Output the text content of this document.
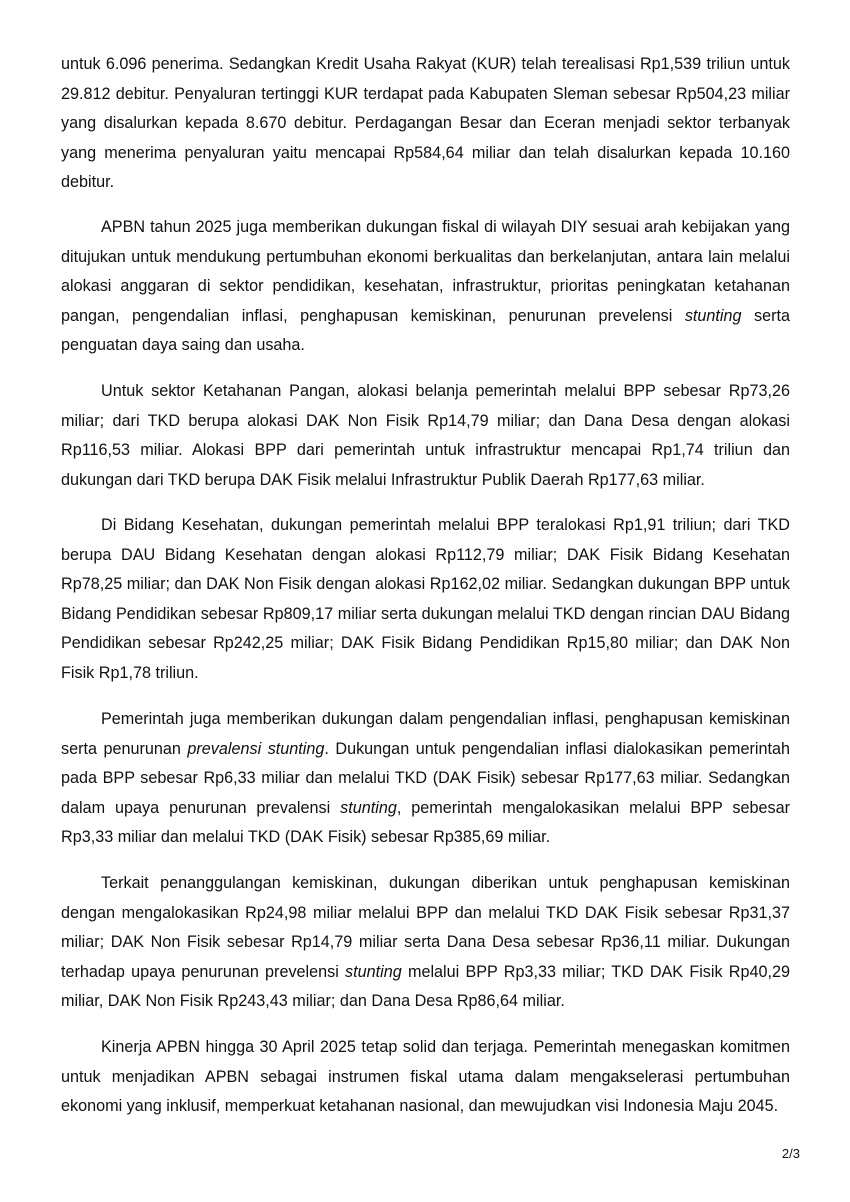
untuk 6.096 penerima. Sedangkan Kredit Usaha Rakyat (KUR) telah terealisasi Rp1,539 triliun untuk 29.812 debitur. Penyaluran tertinggi KUR terdapat pada Kabupaten Sleman sebesar Rp504,23 miliar yang disalurkan kepada 8.670 debitur. Perdagangan Besar dan Eceran menjadi sektor terbanyak yang menerima penyaluran yaitu mencapai Rp584,64 miliar dan telah disalurkan kepada 10.160 debitur.

APBN tahun 2025 juga memberikan dukungan fiskal di wilayah DIY sesuai arah kebijakan yang ditujukan untuk mendukung pertumbuhan ekonomi berkualitas dan berkelanjutan, antara lain melalui alokasi anggaran di sektor pendidikan, kesehatan, infrastruktur, prioritas peningkatan ketahanan pangan, pengendalian inflasi, penghapusan kemiskinan, penurunan prevelensi stunting serta penguatan daya saing dan usaha.

Untuk sektor Ketahanan Pangan, alokasi belanja pemerintah melalui BPP sebesar Rp73,26 miliar; dari TKD berupa alokasi DAK Non Fisik Rp14,79 miliar; dan Dana Desa dengan alokasi Rp116,53 miliar. Alokasi BPP dari pemerintah untuk infrastruktur mencapai Rp1,74 triliun dan dukungan dari TKD berupa DAK Fisik melalui Infrastruktur Publik Daerah Rp177,63 miliar.

Di Bidang Kesehatan, dukungan pemerintah melalui BPP teralokasi Rp1,91 triliun; dari TKD berupa DAU Bidang Kesehatan dengan alokasi Rp112,79 miliar; DAK Fisik Bidang Kesehatan Rp78,25 miliar; dan DAK Non Fisik dengan alokasi Rp162,02 miliar. Sedangkan dukungan BPP untuk Bidang Pendidikan sebesar Rp809,17 miliar serta dukungan melalui TKD dengan rincian DAU Bidang Pendidikan sebesar Rp242,25 miliar; DAK Fisik Bidang Pendidikan Rp15,80 miliar; dan DAK Non Fisik Rp1,78 triliun.

Pemerintah juga memberikan dukungan dalam pengendalian inflasi, penghapusan kemiskinan serta penurunan prevalensi stunting. Dukungan untuk pengendalian inflasi dialokasikan pemerintah pada BPP sebesar Rp6,33 miliar dan melalui TKD (DAK Fisik) sebesar Rp177,63 miliar. Sedangkan dalam upaya penurunan prevalensi stunting, pemerintah mengalokasikan melalui BPP sebesar Rp3,33 miliar dan melalui TKD (DAK Fisik) sebesar Rp385,69 miliar.

Terkait penanggulangan kemiskinan, dukungan diberikan untuk penghapusan kemiskinan dengan mengalokasikan Rp24,98 miliar melalui BPP dan melalui TKD DAK Fisik sebesar Rp31,37 miliar; DAK Non Fisik sebesar Rp14,79 miliar serta Dana Desa sebesar Rp36,11 miliar. Dukungan terhadap upaya penurunan prevelensi stunting melalui BPP Rp3,33 miliar; TKD DAK Fisik Rp40,29 miliar, DAK Non Fisik Rp243,43 miliar; dan Dana Desa Rp86,64 miliar.

Kinerja APBN hingga 30 April 2025 tetap solid dan terjaga. Pemerintah menegaskan komitmen untuk menjadikan APBN sebagai instrumen fiskal utama dalam mengakselerasi pertumbuhan ekonomi yang inklusif, memperkuat ketahanan nasional, dan mewujudkan visi Indonesia Maju 2045.

2/3
